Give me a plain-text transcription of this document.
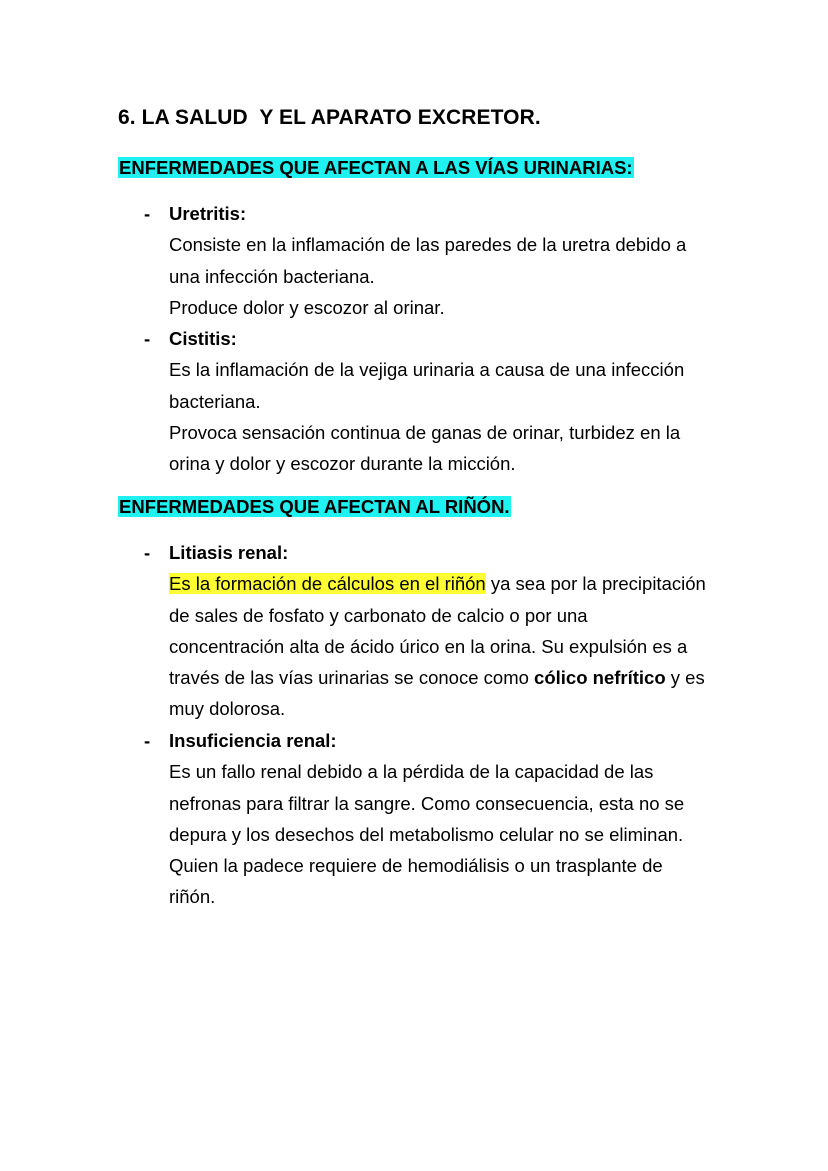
6. LA SALUD  Y EL APARATO EXCRETOR.
ENFERMEDADES QUE AFECTAN A LAS VÍAS URINARIAS:
- Uretritis:
Consiste en la inflamación de las paredes de la uretra debido a
una infección bacteriana.
Produce dolor y escozor al orinar.
- Cistitis:
Es la inflamación de la vejiga urinaria a causa de una infección
bacteriana.
Provoca sensación continua de ganas de orinar, turbidez en la
orina y dolor y escozor durante la micción.
ENFERMEDADES QUE AFECTAN AL RIÑÓN.
- Litiasis renal:
Es la formación de cálculos en el riñón ya sea por la precipitación
de sales de fosfato y carbonato de calcio o por una
concentración alta de ácido úrico en la orina. Su expulsión es a
través de las vías urinarias se conoce como cólico nefrítico y es
muy dolorosa.
- Insuficiencia renal:
Es un fallo renal debido a la pérdida de la capacidad de las
nefronas para filtrar la sangre. Como consecuencia, esta no se
depura y los desechos del metabolismo celular no se eliminan.
Quien la padece requiere de hemodiálisis o un trasplante de
riñón.
